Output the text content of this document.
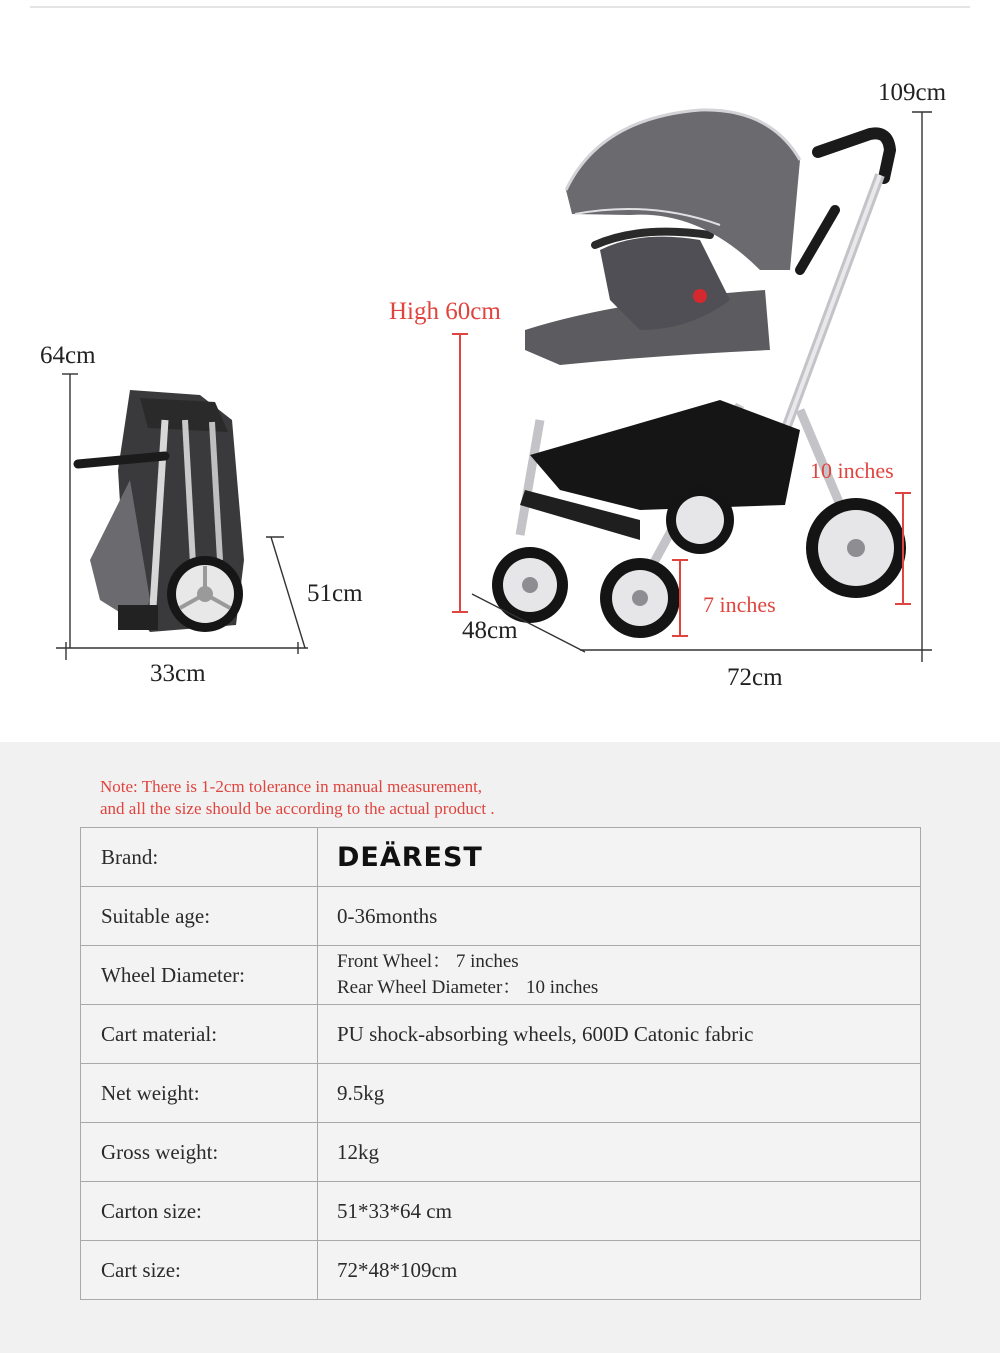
64cm
51cm
33cm
109cm
High 60cm
10 inches
7 inches
48cm
72cm
Note: There is 1-2cm tolerance in manual measurement,
and all the size should be according to the actual product .
Brand:	DEÄREST
Suitable age:	0-36months
Wheel Diameter:	Front Wheel： 7 inches
Rear Wheel Diameter： 10 inches

Cart material:	PU shock-absorbing wheels, 600D Catonic fabric
Net weight:	9.5kg
Gross weight:	12kg
Carton size:	51*33*64 cm
Cart size:	72*48*109cm
